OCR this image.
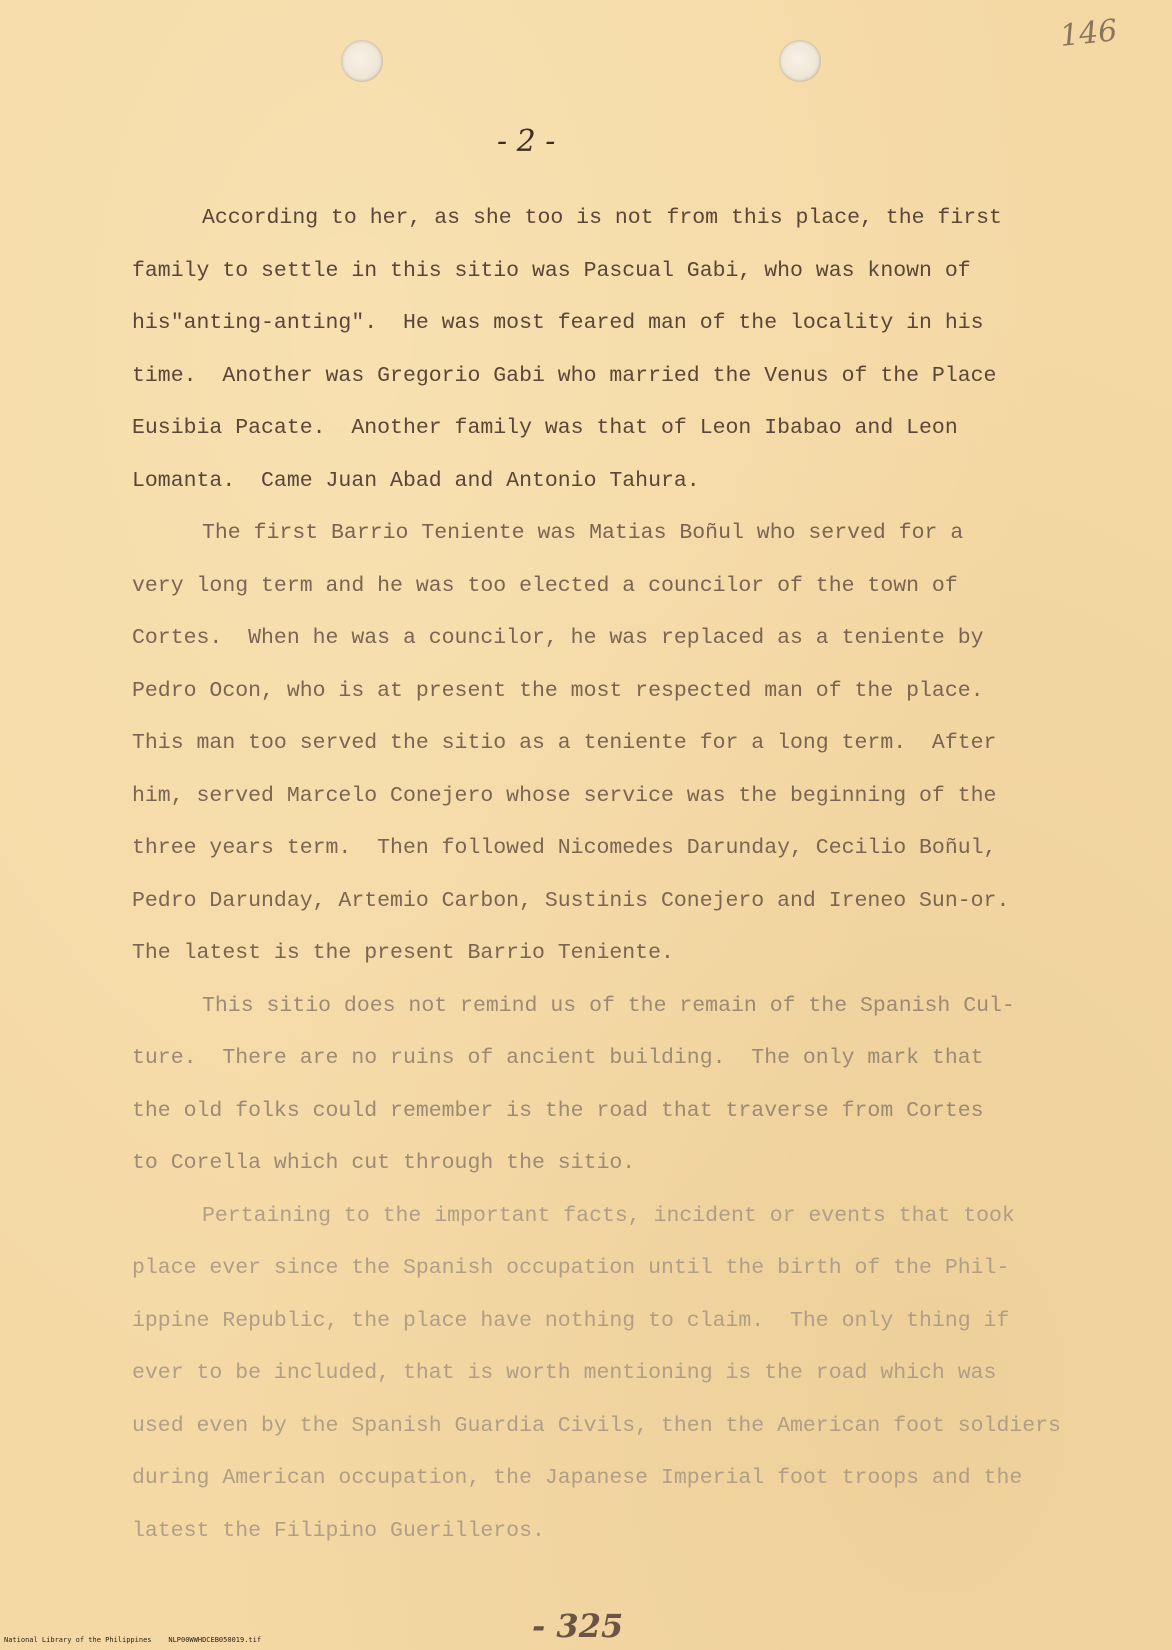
146
- 2 -
According to her, as she too is not from this place, the first
family to settle in this sitio was Pascual Gabi, who was known of
his"anting-anting".  He was most feared man of the locality in his
time.  Another was Gregorio Gabi who married the Venus of the Place
Eusibia Pacate.  Another family was that of Leon Ibabao and Leon
Lomanta.  Came Juan Abad and Antonio Tahura.
The first Barrio Teniente was Matias Boñul who served for a
very long term and he was too elected a councilor of the town of
Cortes.  When he was a councilor, he was replaced as a teniente by
Pedro Ocon, who is at present the most respected man of the place.
This man too served the sitio as a teniente for a long term.  After
him, served Marcelo Conejero whose service was the beginning of the
three years term.  Then followed Nicomedes Darunday, Cecilio Boñul,
Pedro Darunday, Artemio Carbon, Sustinis Conejero and Ireneo Sun-or.
The latest is the present Barrio Teniente.
This sitio does not remind us of the remain of the Spanish Cul-
ture.  There are no ruins of ancient building.  The only mark that
the old folks could remember is the road that traverse from Cortes
to Corella which cut through the sitio.
Pertaining to the important facts, incident or events that took
place ever since the Spanish occupation until the birth of the Phil-
ippine Republic, the place have nothing to claim.  The only thing if
ever to be included, that is worth mentioning is the road which was
used even by the Spanish Guardia Civils, then the American foot soldiers
during American occupation, the Japanese Imperial foot troops and the
latest the Filipino Guerilleros.
- 325
National Library of the Philippines    NLP00WWHDCEB050019.tif
